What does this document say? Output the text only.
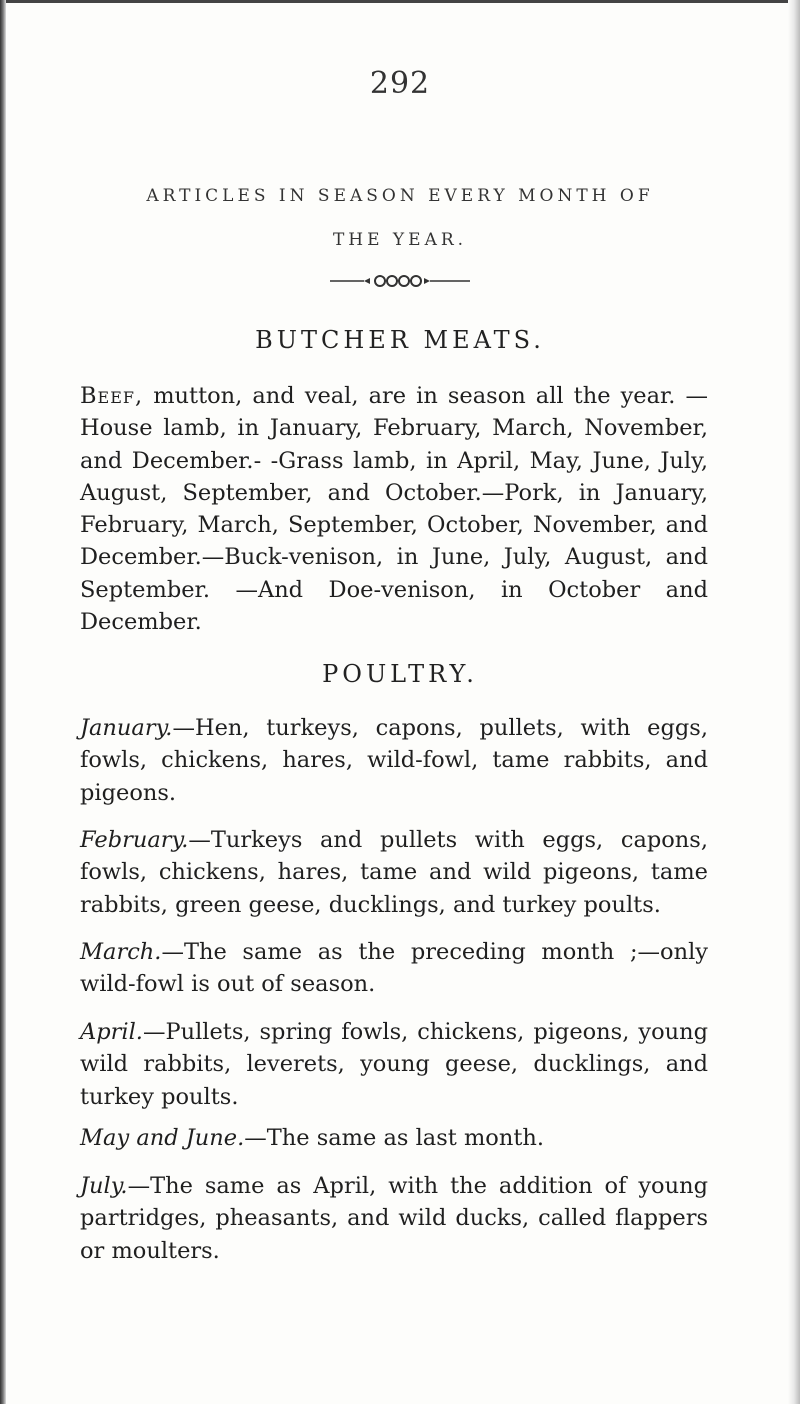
292
ARTICLES IN SEASON EVERY MONTH OF
THE YEAR.
BUTCHER MEATS.
Beef, mutton, and veal, are in season all the year. —House lamb, in January, February, March, November, and December.- -Grass lamb, in April, May, June, July, August, September, and October.—Pork, in January, February, March, September, October, November, and December.—Buck-venison, in June, July, August, and September. —And Doe-venison, in October and December.
POULTRY.
January.—Hen, turkeys, capons, pullets, with eggs, fowls, chickens, hares, wild-fowl, tame rabbits, and pigeons.
February.—Turkeys and pullets with eggs, capons, fowls, chickens, hares, tame and wild pigeons, tame rabbits, green geese, ducklings, and turkey poults.
March.—The same as the preceding month ;—only wild-fowl is out of season.
April.—Pullets, spring fowls, chickens, pigeons, young wild rabbits, leverets, young geese, ducklings, and turkey poults.
May and June.—The same as last month.
July.—The same as April, with the addition of young partridges, pheasants, and wild ducks, called flappers or moulters.
